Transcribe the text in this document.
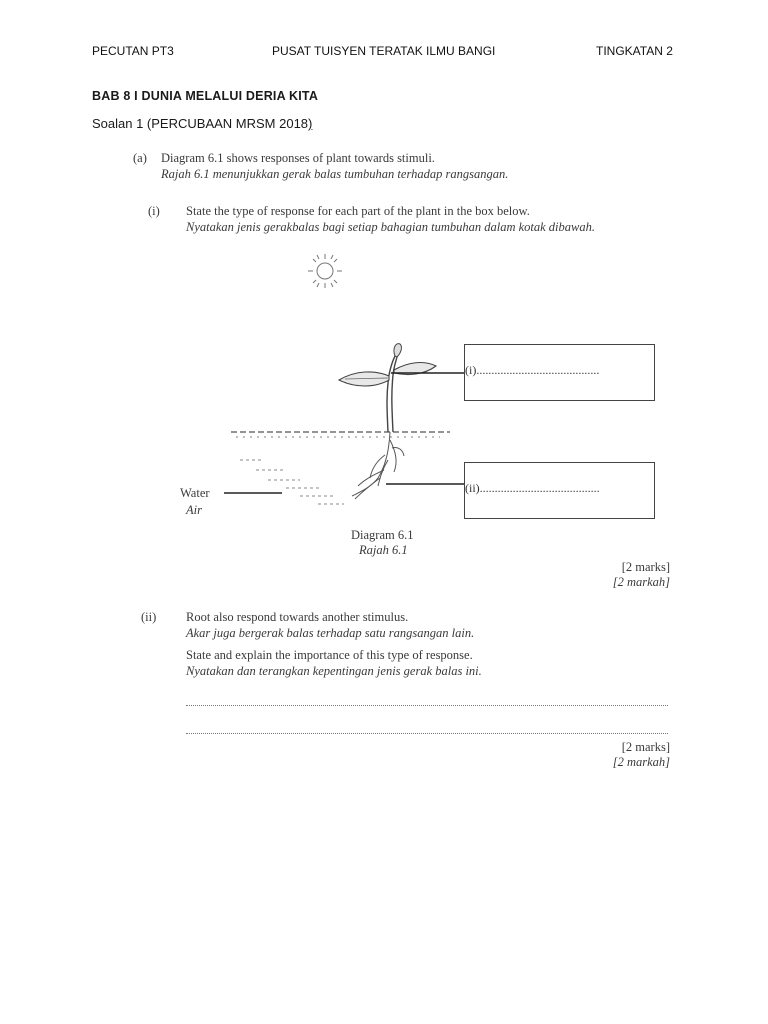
PECUTAN PT3	PUSAT TUISYEN TERATAK ILMU BANGI	TINGKATAN 2
BAB 8 I DUNIA MELALUI DERIA KITA
Soalan 1 (PERCUBAAN MRSM 2018)
(a) Diagram 6.1 shows responses of plant towards stimuli.
Rajah 6.1 menunjukkan gerak balas tumbuhan terhadap rangsangan.
(i) State the type of response for each part of the plant in the box below.
Nyatakan jenis gerakbalas bagi setiap bahagian tumbuhan dalam kotak dibawah.
(i).........................................
(ii)........................................
Water
Air
Diagram 6.1
Rajah 6.1
[2 marks]
[2 markah]
(ii) Root also respond towards another stimulus.
Akar juga bergerak balas terhadap satu rangsangan lain.
State and explain the importance of this type of response.
Nyatakan dan terangkan kepentingan jenis gerak balas ini.
[2 marks]
[2 markah]
